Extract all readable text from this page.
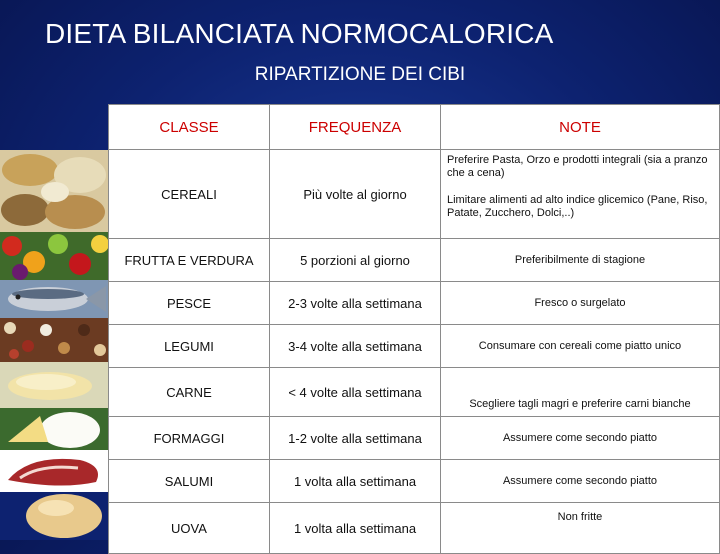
DIETA BILANCIATA NORMOCALORICA
RIPARTIZIONE DEI CIBI
CLASSE	FREQUENZA	NOTE
CEREALI	Più volte al giorno	Preferire Pasta, Orzo e prodotti integrali (sia a pranzo che a cena)

Limitare alimenti ad alto indice glicemico (Pane, Riso, Patate, Zucchero, Dolci,..)

FRUTTA E VERDURA	5 porzioni al giorno	Preferibilmente di stagione
PESCE	2-3 volte alla settimana	Fresco o surgelato
LEGUMI	3-4 volte alla settimana	Consumare con cereali come piatto unico
CARNE	< 4 volte alla settimana	Scegliere tagli magri e preferire carni bianche
FORMAGGI	1-2 volte alla settimana	Assumere come secondo piatto
SALUMI	1 volta alla settimana	Assumere come secondo piatto
UOVA	1 volta alla settimana	Non fritte
